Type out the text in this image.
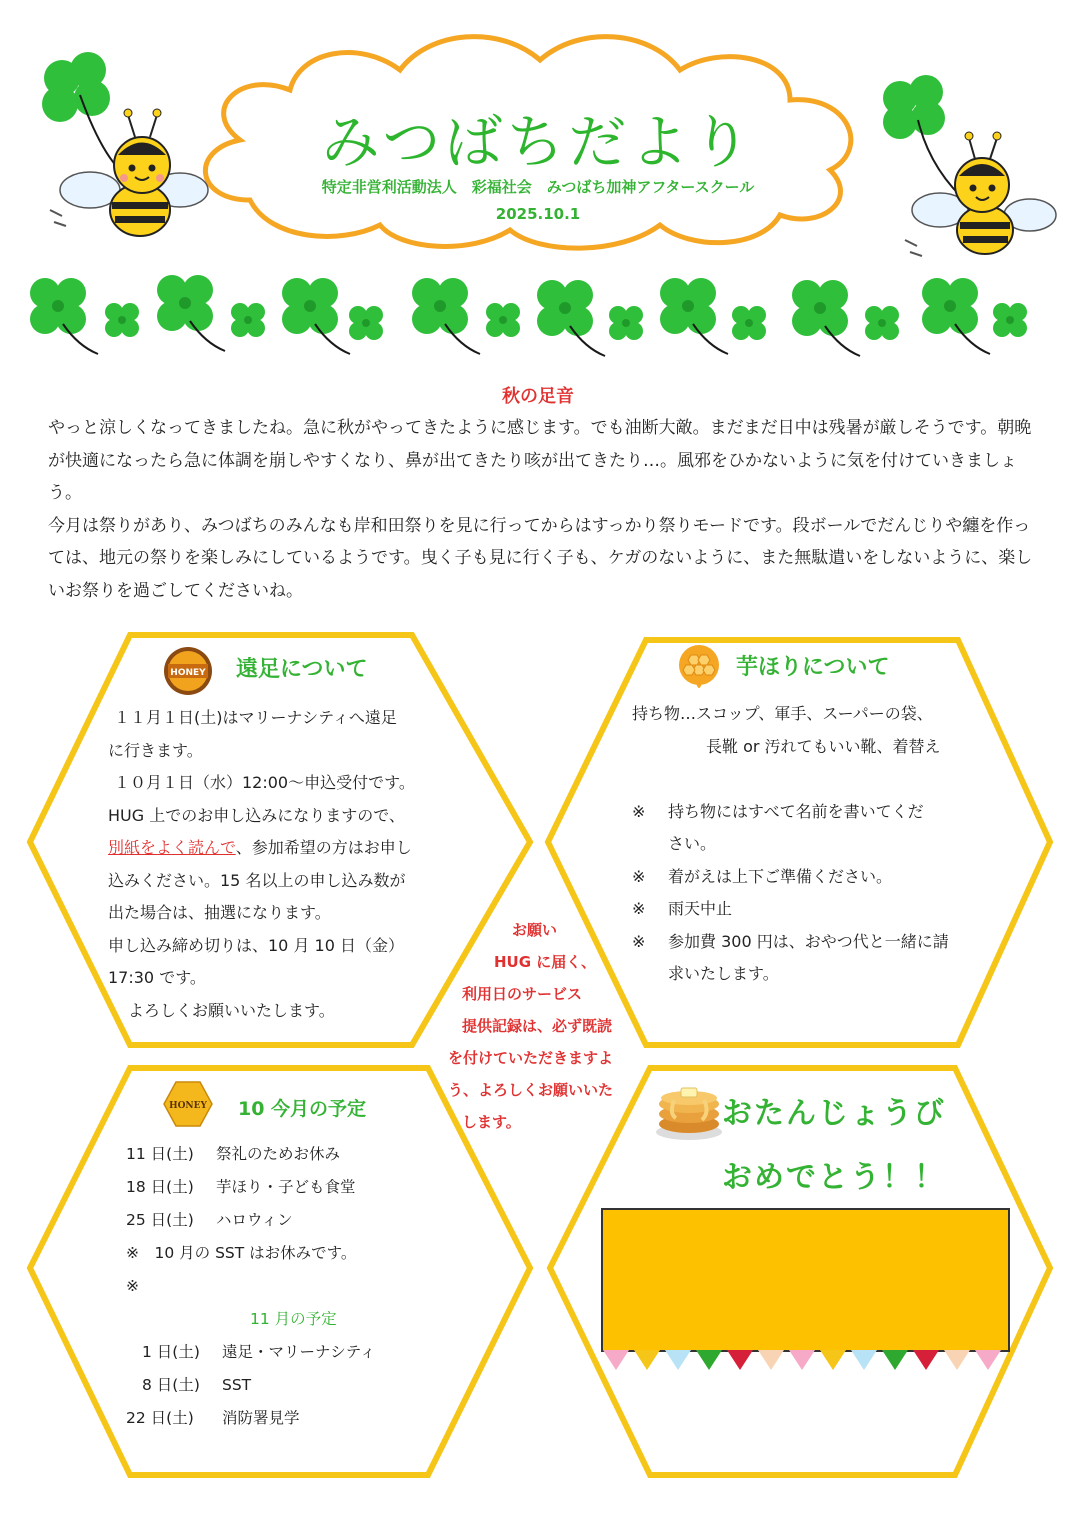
みつばちだより
特定非営利活動法人　彩福社会　みつばち加神アフタースクール
2025.10.1
秋の足音

やっと涼しくなってきましたね。急に秋がやってきたように感じます。でも油断大敵。まだまだ日中は残暑が厳しそうです。朝晩が快適になったら急に体調を崩しやすくなり、鼻が出てきたり咳が出てきたり…。風邪をひかないように気を付けていきましょう。

今月は祭りがあり、みつばちのみんなも岸和田祭りを見に行ってからはすっかり祭りモードです。段ボールでだんじりや纏を作っては、地元の祭りを楽しみにしているようです。曳く子も見に行く子も、ケガのないように、また無駄遣いをしないように、楽しいお祭りを過ごしてくださいね。

HONEY 遠足について
１１月１日(土)はマリーナシティへ遠足
に行きます。
１０月１日（水）12:00～申込受付です。
HUG 上でのお申し込みになりますので、
別紙をよく読んで、参加希望の方はお申し
込みください。15 名以上の申し込み数が
出た場合は、抽選になります。
申し込み締め切りは、10 月 10 日（金）
17:30 です。
よろしくお願いいたします。
芋ほりについて
持ち物…スコップ、軍手、スーパーの袋、
長靴 or 汚れてもいい靴、着替え
※ 持ち物にはすべて名前を書いてくだ
さい。
※ 着がえは上下ご準備ください。
※ 雨天中止
※ 参加費 300 円は、おやつ代と一緒に請
求いたします。
お願い
HUG に届く、
利用日のサービス
提供記録は、必ず既読
を付けていただきますよ
う、よろしくお願いいた
します。
HONEY 10 今月の予定
11 日(土) 祭礼のためお休み
18 日(土) 芋ほり・子ども食堂
25 日(土) ハロウィン
※　10 月の SST はお休みです。
※
11 月の予定
1 日(土) 遠足・マリーナシティ
8 日(土) SST
22 日(土) 消防署見学
おたんじょうび
おめでとう！！
